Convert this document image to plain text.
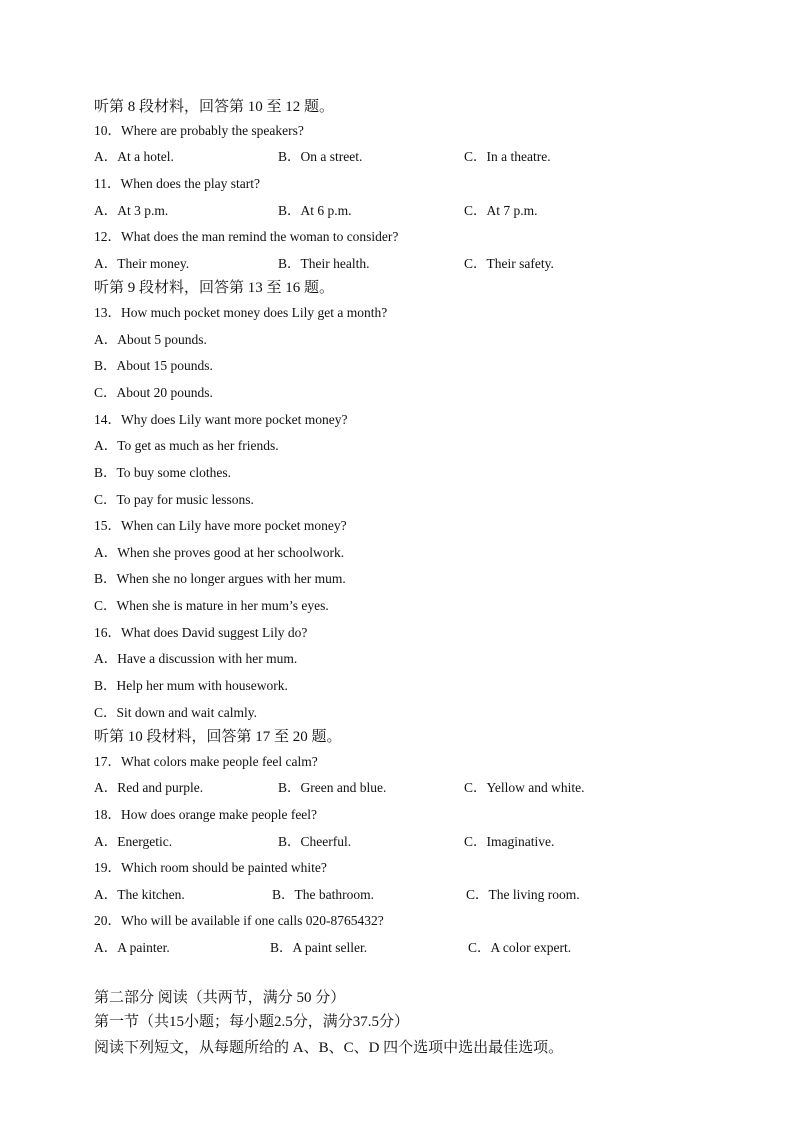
听第 8 段材料，回答第 10 至 12 题。
10．Where are probably the speakers?
A．At a hotel.	B．On a street.	C．In a theatre.
11．When does the play start?
A．At 3 p.m.	B．At 6 p.m.	C．At 7 p.m.
12．What does the man remind the woman to consider?
A．Their money.	B．Their health.	C．Their safety.
听第 9 段材料，回答第 13 至 16 题。
13．How much pocket money does Lily get a month?
A．About 5 pounds.
B．About 15 pounds.
C．About 20 pounds.
14．Why does Lily want more pocket money?
A．To get as much as her friends.
B．To buy some clothes.
C．To pay for music lessons.
15．When can Lily have more pocket money?
A．When she proves good at her schoolwork.
B．When she no longer argues with her mum.
C．When she is mature in her mum’s eyes.
16．What does David suggest Lily do?
A．Have a discussion with her mum.
B．Help her mum with housework.
C．Sit down and wait calmly.
听第 10 段材料，回答第 17 至 20 题。
17．What colors make people feel calm?
A．Red and purple.	B．Green and blue.	C．Yellow and white.
18．How does orange make people feel?
A．Energetic.	B．Cheerful.	C．Imaginative.
19．Which room should be painted white?
A．The kitchen.	B．The bathroom.	C．The living room.
20．Who will be available if one calls 020-8765432?
A．A painter.	B．A paint seller.	C．A color expert.
第二部分 阅读（共两节，满分 50 分）
第一节（共15小题；每小题2.5分，满分37.5分）
阅读下列短文，从每题所给的 A、B、C、D 四个选项中选出最佳选项。
